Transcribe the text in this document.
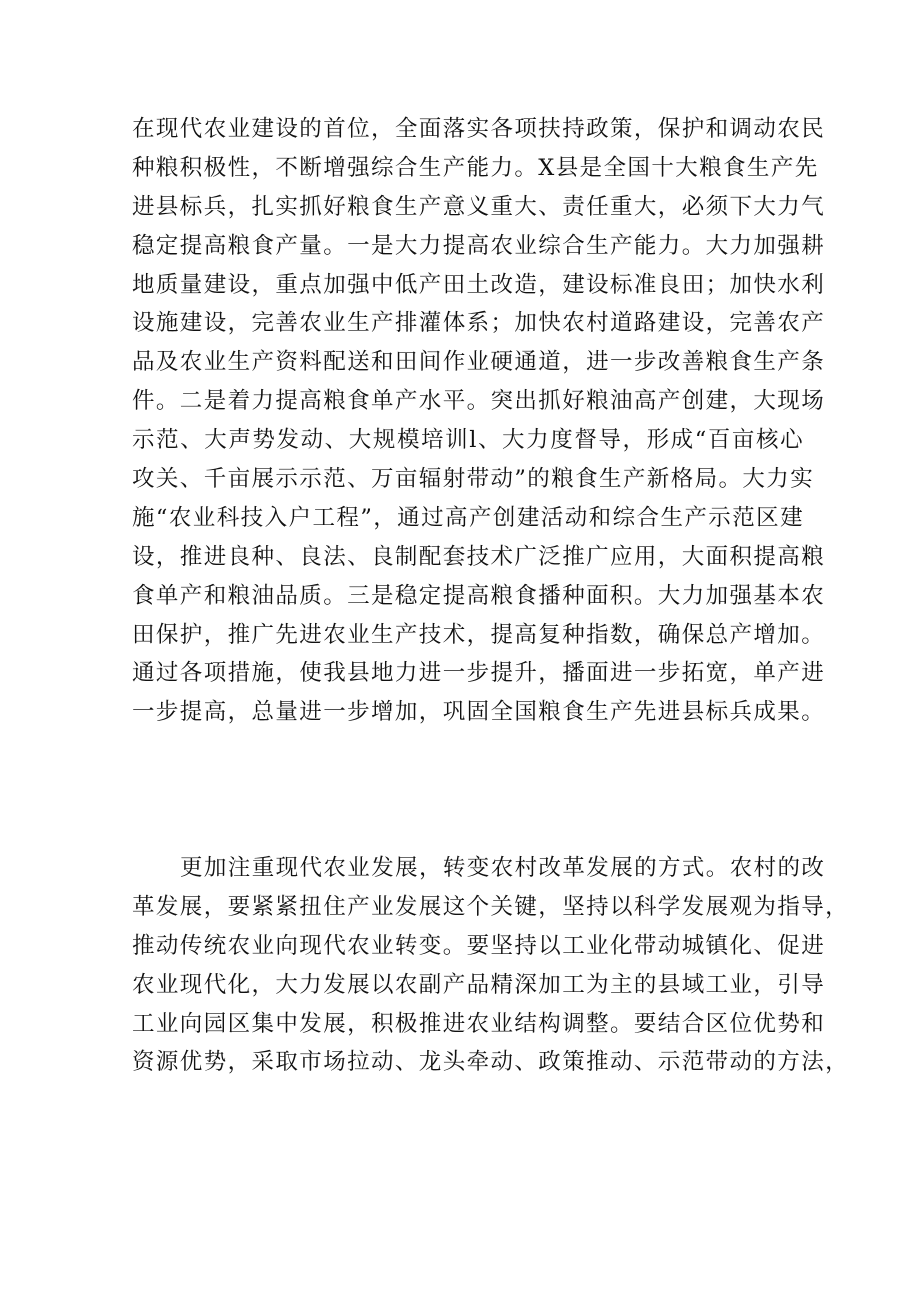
在现代农业建设的首位，全面落实各项扶持政策，保护和调动农民
种粮积极性，不断增强综合生产能力。X县是全国十大粮食生产先
进县标兵，扎实抓好粮食生产意义重大、责任重大，必须下大力气
稳定提高粮食产量。一是大力提高农业综合生产能力。大力加强耕
地质量建设，重点加强中低产田土改造，建设标准良田；加快水利
设施建设，完善农业生产排灌体系；加快农村道路建设，完善农产
品及农业生产资料配送和田间作业硬通道，进一步改善粮食生产条
件。二是着力提高粮食单产水平。突出抓好粮油高产创建，大现场
示范、大声势发动、大规模培训l、大力度督导，形成“百亩核心
攻关、千亩展示示范、万亩辐射带动”的粮食生产新格局。大力实
施“农业科技入户工程”，通过高产创建活动和综合生产示范区建
设，推进良种、良法、良制配套技术广泛推广应用，大面积提高粮
食单产和粮油品质。三是稳定提高粮食播种面积。大力加强基本农
田保护，推广先进农业生产技术，提高复种指数，确保总产增加。
通过各项措施，使我县地力进一步提升，播面进一步拓宽，单产进
一步提高，总量进一步增加，巩固全国粮食生产先进县标兵成果。
更加注重现代农业发展，转变农村改革发展的方式。农村的改
革发展，要紧紧扭住产业发展这个关键，坚持以科学发展观为指导，
推动传统农业向现代农业转变。要坚持以工业化带动城镇化、促进
农业现代化，大力发展以农副产品精深加工为主的县域工业，引导
工业向园区集中发展，积极推进农业结构调整。要结合区位优势和
资源优势，采取市场拉动、龙头牵动、政策推动、示范带动的方法，
